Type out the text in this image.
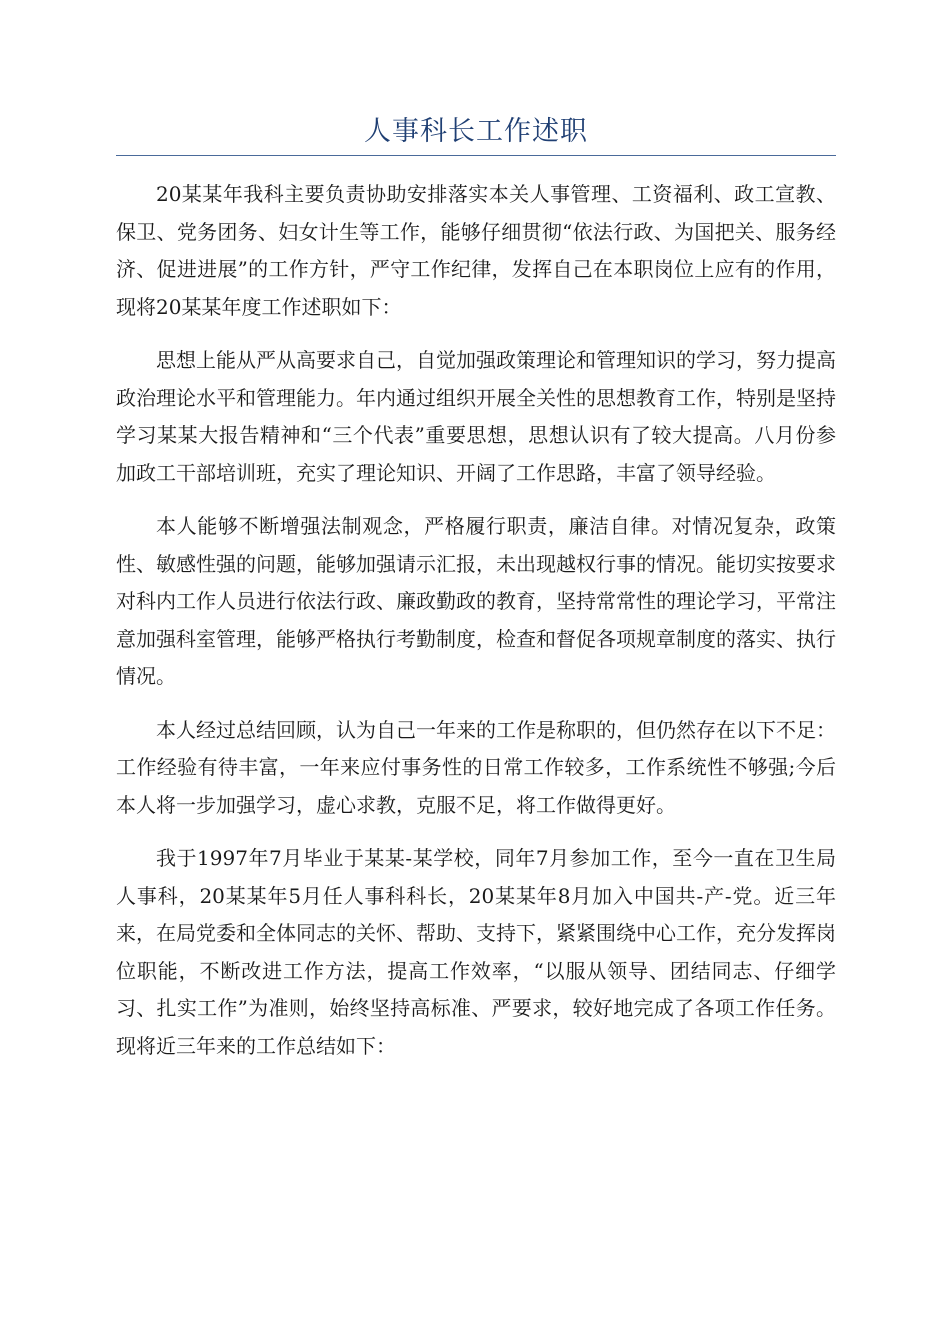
人事科长工作述职

20某某年我科主要负责协助安排落实本关人事管理、工资福利、政工宣教、保卫、党务团务、妇女计生等工作，能够仔细贯彻“依法行政、为国把关、服务经济、促进进展”的工作方针，严守工作纪律，发挥自己在本职岗位上应有的作用，现将20某某年度工作述职如下：

思想上能从严从高要求自己，自觉加强政策理论和管理知识的学习，努力提高政治理论水平和管理能力。年内通过组织开展全关性的思想教育工作，特别是坚持学习某某大报告精神和“三个代表”重要思想，思想认识有了较大提高。八月份参加政工干部培训班，充实了理论知识、开阔了工作思路，丰富了领导经验。

本人能够不断增强法制观念，严格履行职责，廉洁自律。对情况复杂，政策性、敏感性强的问题，能够加强请示汇报，未出现越权行事的情况。能切实按要求对科内工作人员进行依法行政、廉政勤政的教育，坚持常常性的理论学习，平常注意加强科室管理，能够严格执行考勤制度，检查和督促各项规章制度的落实、执行情况。

本人经过总结回顾，认为自己一年来的工作是称职的，但仍然存在以下不足：工作经验有待丰富，一年来应付事务性的日常工作较多，工作系统性不够强;今后本人将一步加强学习，虚心求教，克服不足，将工作做得更好。

我于1997年7月毕业于某某-某学校，同年7月参加工作，至今一直在卫生局人事科，20某某年5月任人事科科长，20某某年8月加入中国共-产-党。近三年来，在局党委和全体同志的关怀、帮助、支持下，紧紧围绕中心工作，充分发挥岗位职能，不断改进工作方法，提高工作效率，“以服从领导、团结同志、仔细学习、扎实工作”为准则，始终坚持高标准、严要求，较好地完成了各项工作任务。现将近三年来的工作总结如下：
